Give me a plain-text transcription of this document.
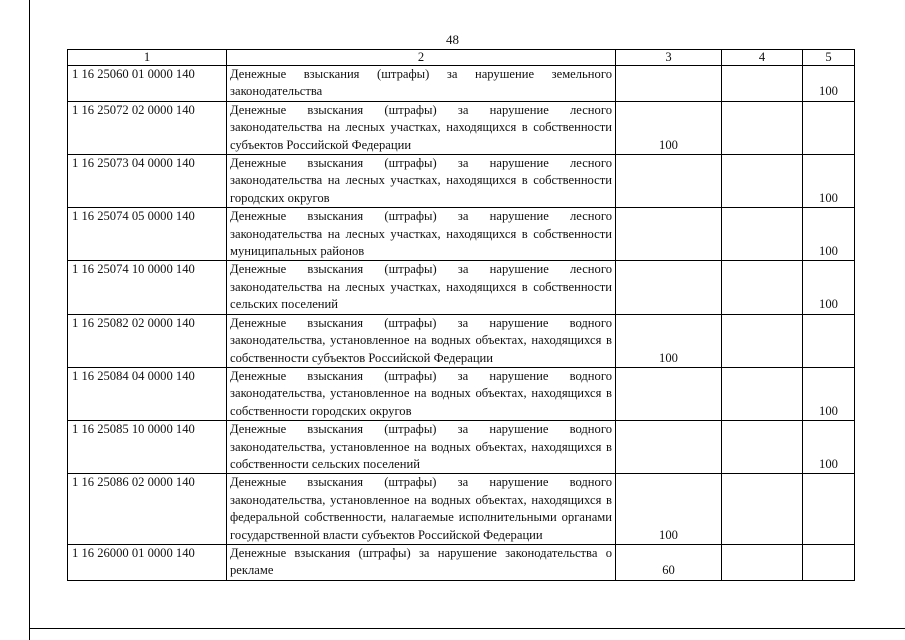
48
1	2	3	4	5
1 16 25060 01 0000 140	Денежные взыскания (штрафы) за нарушение земельного законодательства			100
1 16 25072 02 0000 140	Денежные взыскания (штрафы) за нарушение лесного законодательства на лесных участках, находящихся в собственности субъектов Российской Федерации	100		
1 16 25073 04 0000 140	Денежные взыскания (штрафы) за нарушение лесного законодательства на лесных участках, находящихся в собственности городских округов			100
1 16 25074 05 0000 140	Денежные взыскания (штрафы) за нарушение лесного законодательства на лесных участках, находящихся в собственности муниципальных районов			100
1 16 25074 10 0000 140	Денежные взыскания (штрафы) за нарушение лесного законодательства на лесных участках, находящихся в собственности сельских поселений			100
1 16 25082 02 0000 140	Денежные взыскания (штрафы) за нарушение водного законодательства, установленное на водных объектах, находящихся в собственности субъектов Российской Федерации	100		
1 16 25084 04 0000 140	Денежные взыскания (штрафы) за нарушение водного законодательства, установленное на водных объектах, находящихся в собственности городских округов			100
1 16 25085 10 0000 140	Денежные взыскания (штрафы) за нарушение водного законодательства, установленное на водных объектах, находящихся в собственности сельских поселений			100
1 16 25086 02 0000 140	Денежные взыскания (штрафы) за нарушение водного законодательства, установленное на водных объектах, находящихся в федеральной собственности, налагаемые исполнительными органами государственной власти субъектов Российской Федерации	100		
1 16 26000 01 0000 140	Денежные взыскания (штрафы) за нарушение законодательства о рекламе	60		
